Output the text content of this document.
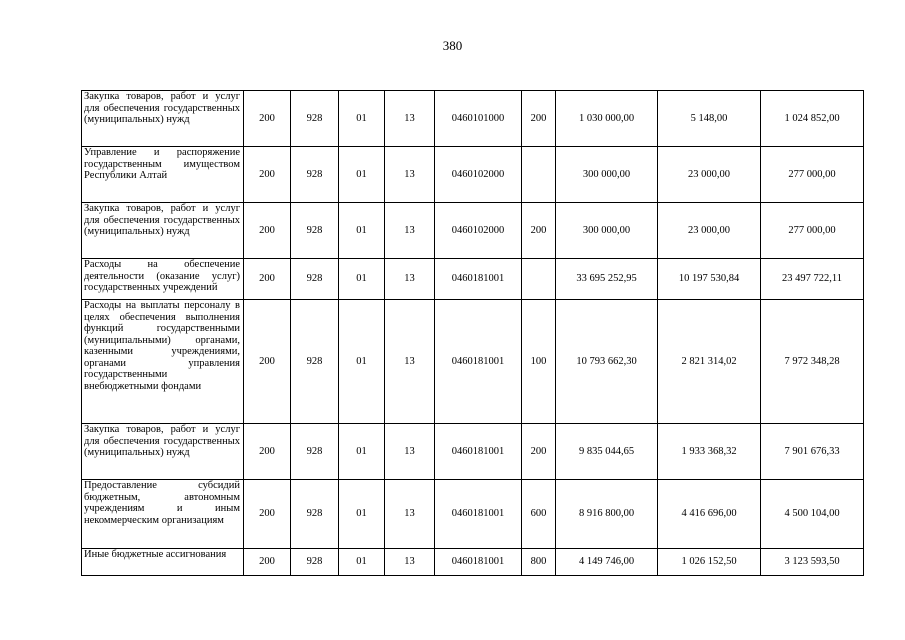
380
Закупка товаров, работ и услуг для обеспечения государственных (муниципальных) нужд	200	928	01	13	0460101000	200	1 030 000,00	5 148,00	1 024 852,00
Управление и распоряжение государственным имуществом Республики Алтай	200	928	01	13	0460102000		300 000,00	23 000,00	277 000,00
Закупка товаров, работ и услуг для обеспечения государственных (муниципальных) нужд	200	928	01	13	0460102000	200	300 000,00	23 000,00	277 000,00
Расходы на обеспечение деятельности (оказание услуг) государственных учреждений	200	928	01	13	0460181001		33 695 252,95	10 197 530,84	23 497 722,11
Расходы на выплаты персоналу в целях обеспечения выполнения функций государственными (муниципальными) органами, казенными учреждениями, органами управления государственными внебюджетными фондами	200	928	01	13	0460181001	100	10 793 662,30	2 821 314,02	7 972 348,28
Закупка товаров, работ и услуг для обеспечения государственных (муниципальных) нужд	200	928	01	13	0460181001	200	9 835 044,65	1 933 368,32	7 901 676,33
Предоставление субсидий бюджетным, автономным учреждениям и иным некоммерческим организациям	200	928	01	13	0460181001	600	8 916 800,00	4 416 696,00	4 500 104,00
Иные бюджетные ассигнования	200	928	01	13	0460181001	800	4 149 746,00	1 026 152,50	3 123 593,50
